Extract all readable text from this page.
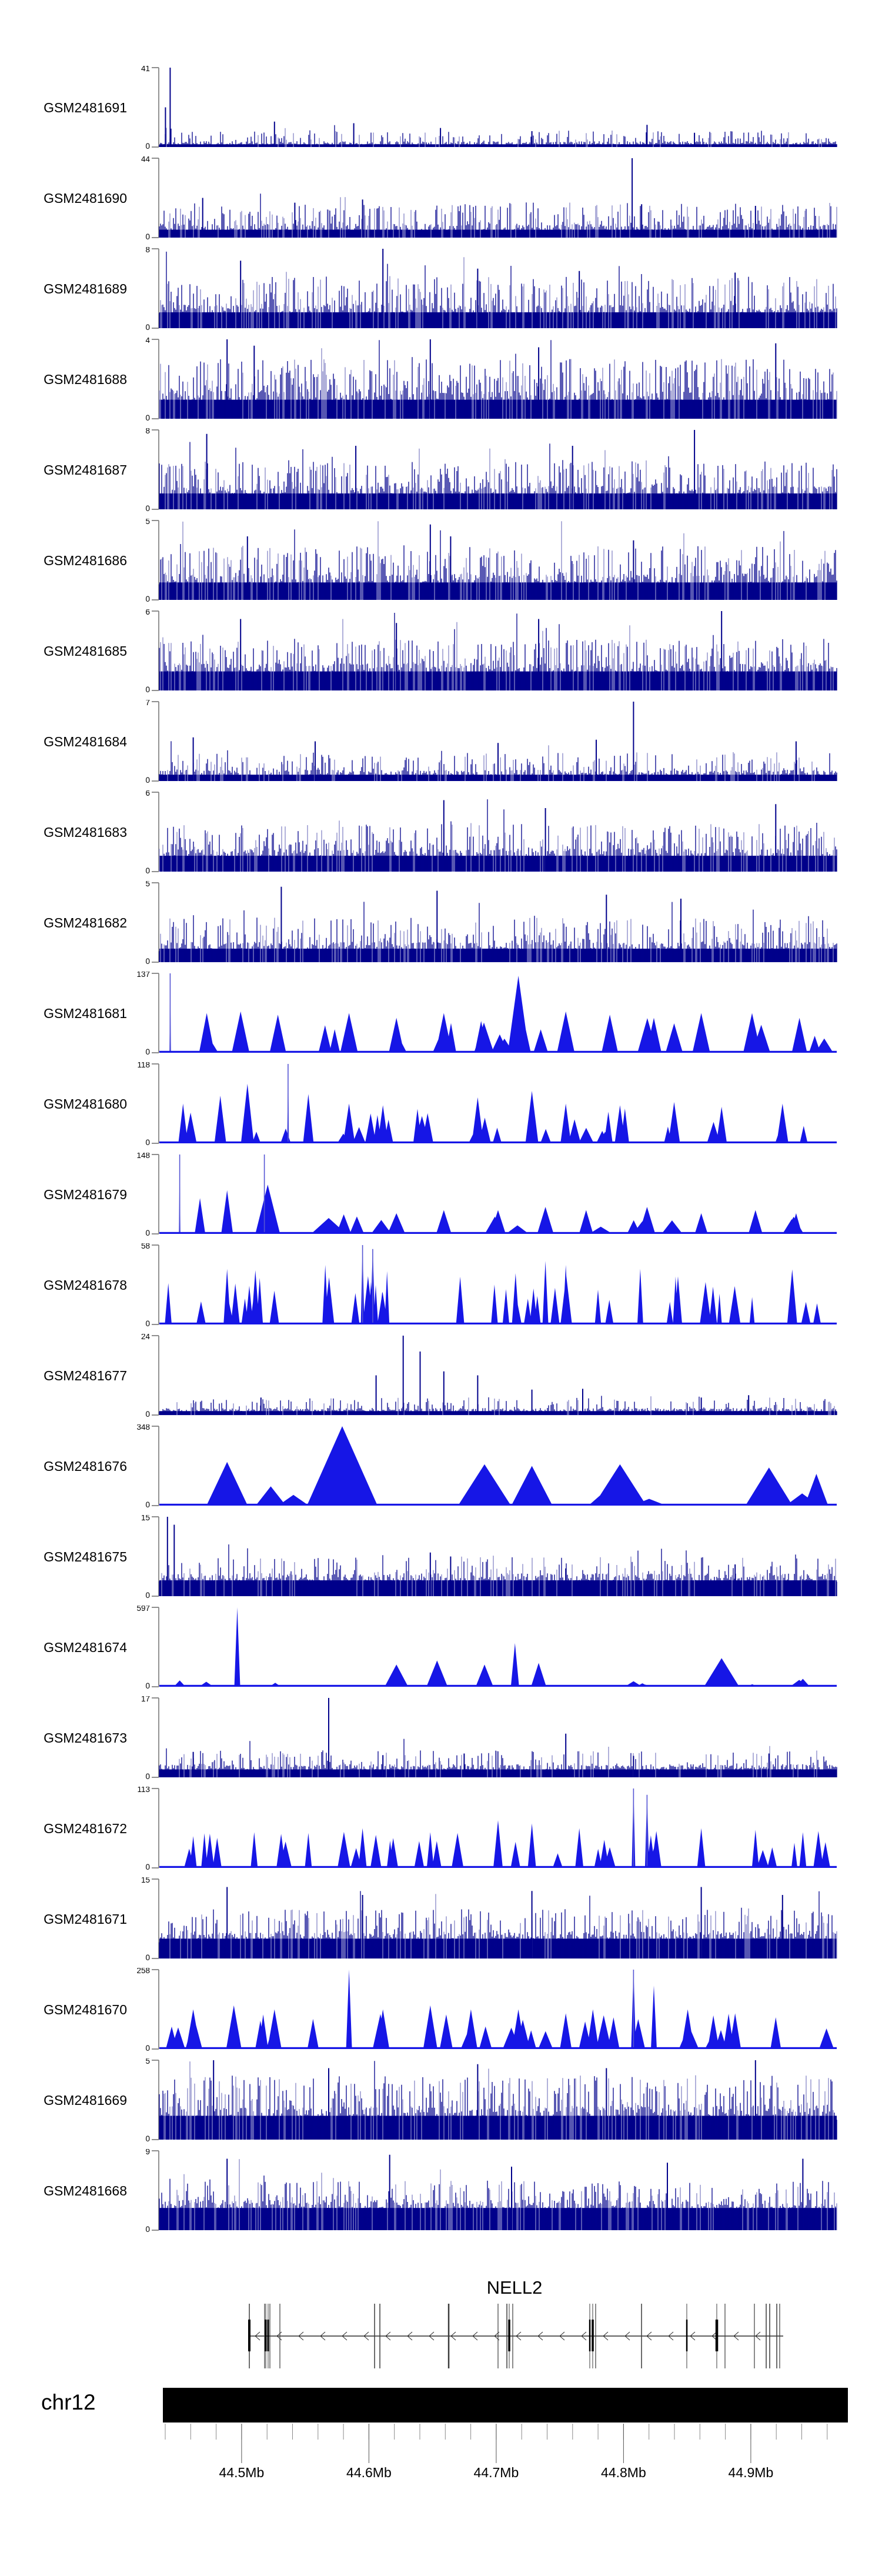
NELL2
chr12
GSM2481691
41
0
GSM2481690
44
0
GSM2481689
8
0
GSM2481688
4
0
GSM2481687
8
0
GSM2481686
5
0
GSM2481685
6
0
GSM2481684
7
0
GSM2481683
6
0
GSM2481682
5
0
GSM2481681
137
0
GSM2481680
118
0
GSM2481679
148
0
GSM2481678
58
0
GSM2481677
24
0
GSM2481676
348
0
GSM2481675
15
0
GSM2481674
597
0
GSM2481673
17
0
GSM2481672
113
0
GSM2481671
15
0
GSM2481670
258
0
GSM2481669
5
0
GSM2481668
9
0
44.5Mb	44.6Mb	44.7Mb	44.8Mb	44.9Mb
